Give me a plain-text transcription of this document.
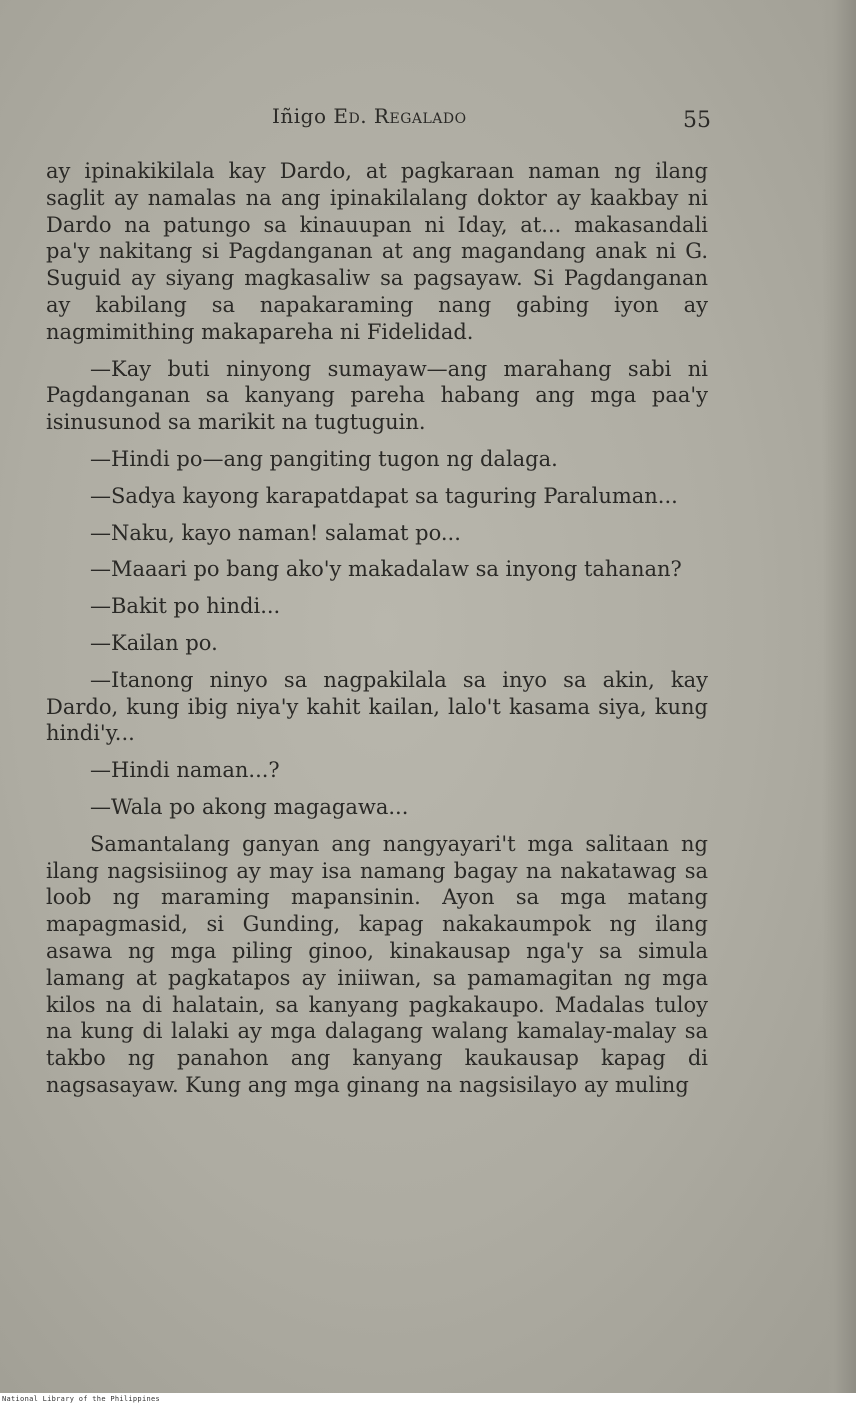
Iñigo Ed. Regalado	55

ay ipinakikilala kay Dardo, at pagkaraan naman ng ilang saglit ay namalas na ang ipinakilalang doktor ay kaakbay ni Dardo na patungo sa kinauupan ni Iday, at... makasandali pa'y nakitang si Pagdanganan at ang magandang anak ni G. Suguid ay siyang magkasaliw sa pagsayaw. Si Pagdanganan ay kabilang sa napakaraming nang gabing iyon ay nagmimithing makapareha ni Fidelidad.

—Kay buti ninyong sumayaw—ang marahang sabi ni Pagdanganan sa kanyang pareha habang ang mga paa'y isinusunod sa marikit na tugtuguin.

—Hindi po—ang pangiting tugon ng dalaga.

—Sadya kayong karapatdapat sa taguring Paraluman...

—Naku, kayo naman! salamat po...

—Maaari po bang ako'y makadalaw sa inyong tahanan?

—Bakit po hindi...

—Kailan po.

—Itanong ninyo sa nagpakilala sa inyo sa akin, kay Dardo, kung ibig niya'y kahit kailan, lalo't kasama siya, kung hindi'y...

—Hindi naman...?

—Wala po akong magagawa...

Samantalang ganyan ang nangyayari't mga salitaan ng ilang nagsisiinog ay may isa namang bagay na nakatawag sa loob ng maraming mapansinin. Ayon sa mga matang mapagmasid, si Gunding, kapag nakakaumpok ng ilang asawa ng mga piling ginoo, kinakausap nga'y sa simula lamang at pagkatapos ay iniiwan, sa pamamagitan ng mga kilos na di halatain, sa kanyang pagkakaupo. Madalas tuloy na kung di lalaki ay mga dalagang walang kamalay-malay sa takbo ng panahon ang kanyang kaukausap kapag di nagsasayaw. Kung ang mga ginang na nagsisilayo ay muling

National Library of the Philippines
